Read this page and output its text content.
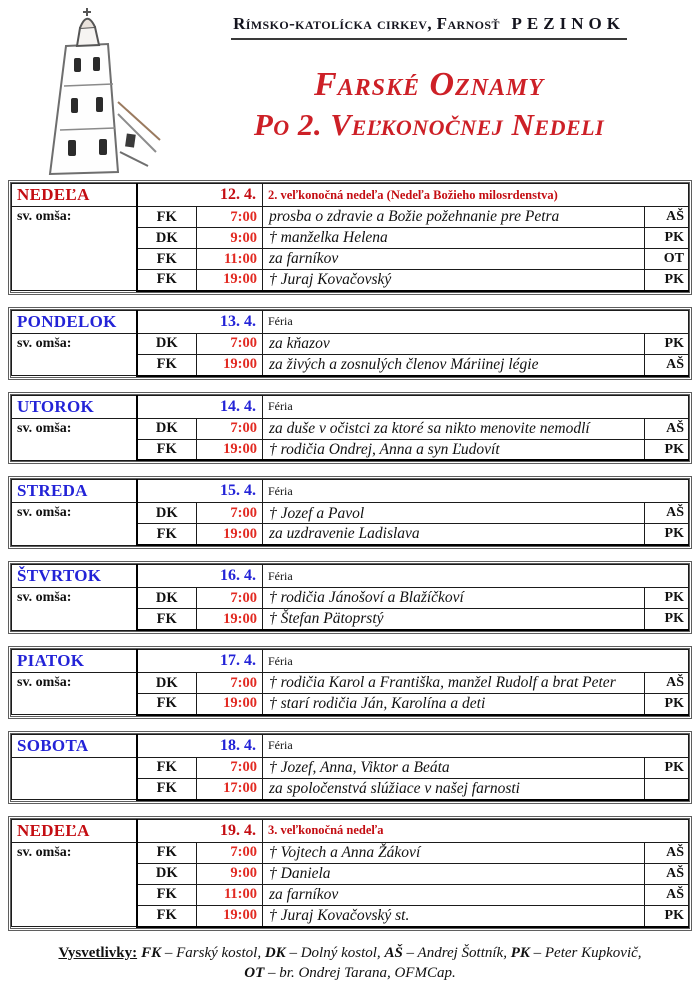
Rímsko-katolícka cirkev, Farnosť PEZINOK
Farské Oznamy
Po 2. Veľkonočnej Nedeli
NEDEĽA	12. 4.		2. veľkonočná nedeľa (Nedeľa Božieho milosrdenstva)	
sv. omša:	FK	7:00	prosba o zdravie a Božie požehnanie pre Petra	AŠ
	DK	9:00	† manželka Helena	PK
	FK	11:00	za farníkov	OT
	FK	19:00	† Juraj Kovačovský	PK
PONDELOK	13. 4.		Féria	
sv. omša:	DK	7:00	za kňazov	PK
	FK	19:00	za živých a zosnulých členov Máriinej légie	AŠ
UTOROK	14. 4.		Féria	
sv. omša:	DK	7:00	za duše v očistci za ktoré sa nikto menovite nemodlí	AŠ
	FK	19:00	† rodičia Ondrej, Anna a syn Ľudovít	PK
STREDA	15. 4.		Féria	
sv. omša:	DK	7:00	† Jozef a Pavol	AŠ
	FK	19:00	za uzdravenie Ladislava	PK
ŠTVRTOK	16. 4.		Féria	
sv. omša:	DK	7:00	† rodičia Jánošoví a Blažíčkoví	PK
	FK	19:00	† Štefan Pätoprstý	PK
PIATOK	17. 4.		Féria	
sv. omša:	DK	7:00	† rodičia Karol a Františka, manžel Rudolf a brat Peter	AŠ
	FK	19:00	† starí rodičia Ján, Karolína a deti	PK
SOBOTA	18. 4.		Féria	
	FK	7:00	† Jozef, Anna, Viktor a Beáta	PK
	FK	17:00	za spoločenstvá slúžiace v našej farnosti	
NEDEĽA	19. 4.		3. veľkonočná nedeľa	
sv. omša:	FK	7:00	† Vojtech a Anna Žákoví	AŠ
	DK	9:00	† Daniela	AŠ
	FK	11:00	za farníkov	AŠ
	FK	19:00	† Juraj Kovačovský st.	PK
Vysvetlivky: FK – Farský kostol, DK – Dolný kostol, AŠ – Andrej Šottník, PK – Peter Kupkovič,
OT – br. Ondrej Tarana, OFMCap.
